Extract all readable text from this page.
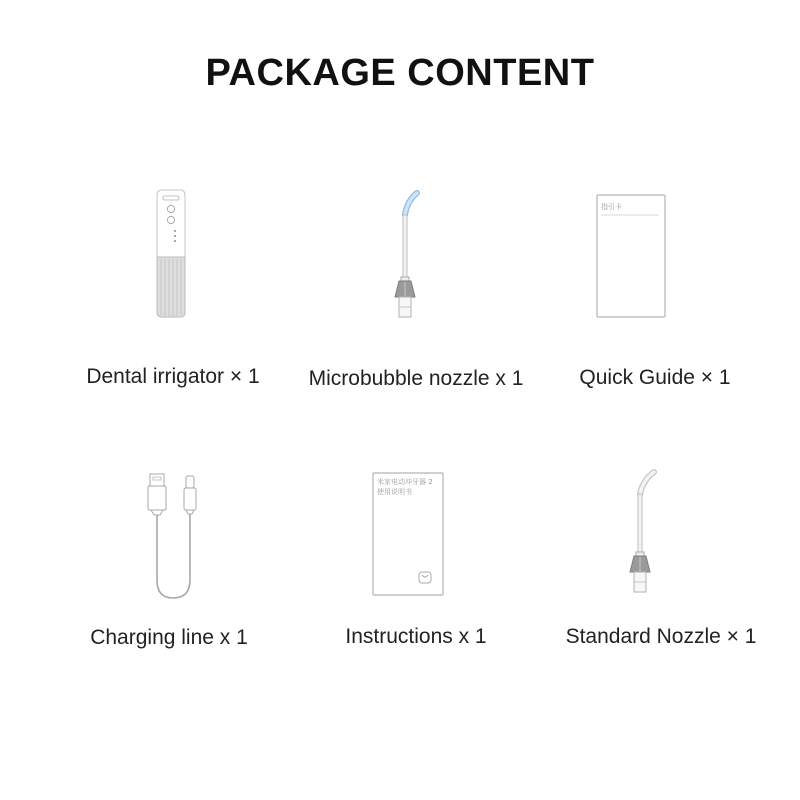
PACKAGE CONTENT
Dental irrigator × 1	Microbubble nozzle x 1
指引卡
Quick Guide × 1
Charging line x 1
米家电动冲牙器 2
使用说明书
Instructions x 1	Standard Nozzle × 1
